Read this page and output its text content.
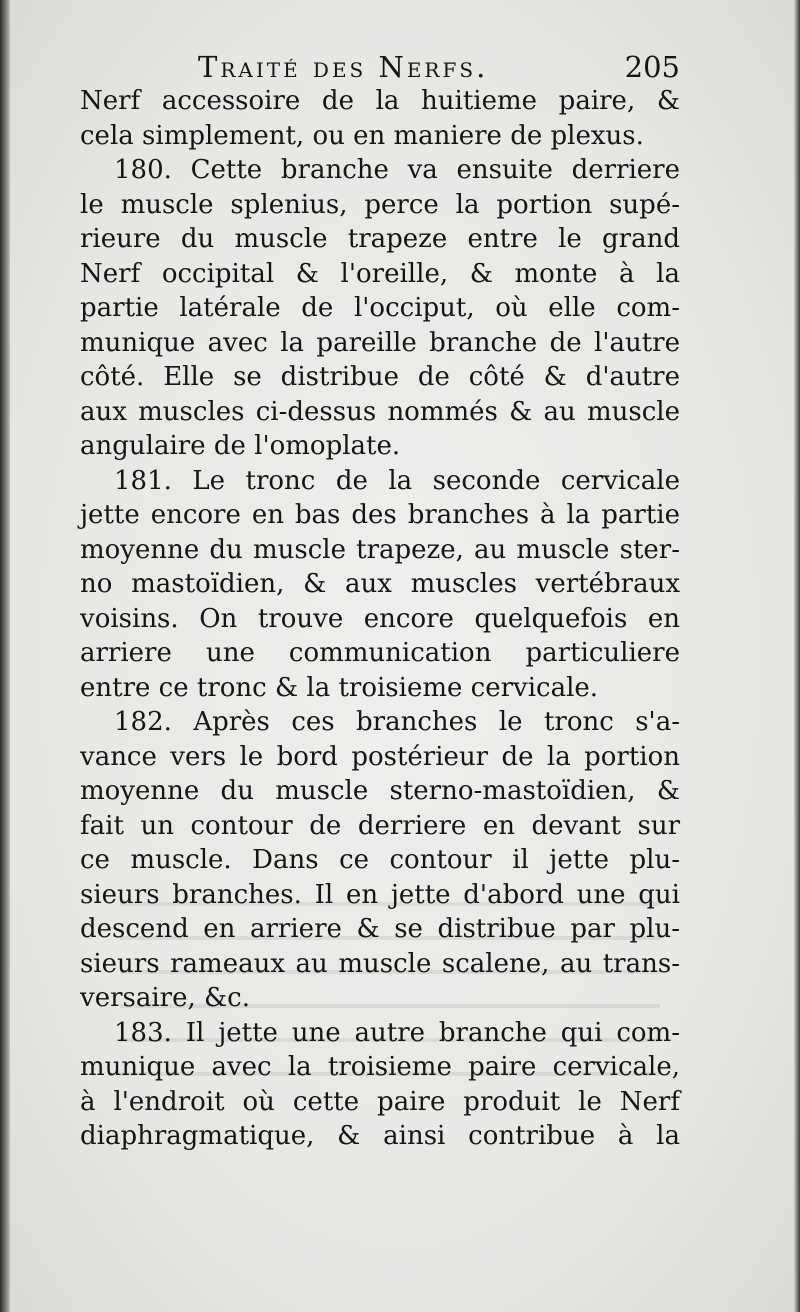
Traité des Nerfs.	205
Nerf accessoire de la huitieme paire, &
cela simplement, ou en maniere de plexus.
180. Cette branche va ensuite derriere
le muscle splenius, perce la portion supé-
rieure du muscle trapeze entre le grand
Nerf occipital & l'oreille, & monte à la
partie latérale de l'occiput, où elle com-
munique avec la pareille branche de l'autre
côté. Elle se distribue de côté & d'autre
aux muscles ci-dessus nommés & au muscle
angulaire de l'omoplate.
181. Le tronc de la seconde cervicale
jette encore en bas des branches à la partie
moyenne du muscle trapeze, au muscle ster-
no mastoïdien, & aux muscles vertébraux
voisins. On trouve encore quelquefois en
arriere une communication particuliere
entre ce tronc & la troisieme cervicale.
182. Après ces branches le tronc s'a-
vance vers le bord postérieur de la portion
moyenne du muscle sterno-mastoïdien, &
fait un contour de derriere en devant sur
ce muscle. Dans ce contour il jette plu-
sieurs branches. Il en jette d'abord une qui
descend en arriere & se distribue par plu-
sieurs rameaux au muscle scalene, au trans-
versaire, &c.
183. Il jette une autre branche qui com-
munique avec la troisieme paire cervicale,
à l'endroit où cette paire produit le Nerf
diaphragmatique, & ainsi contribue à la
